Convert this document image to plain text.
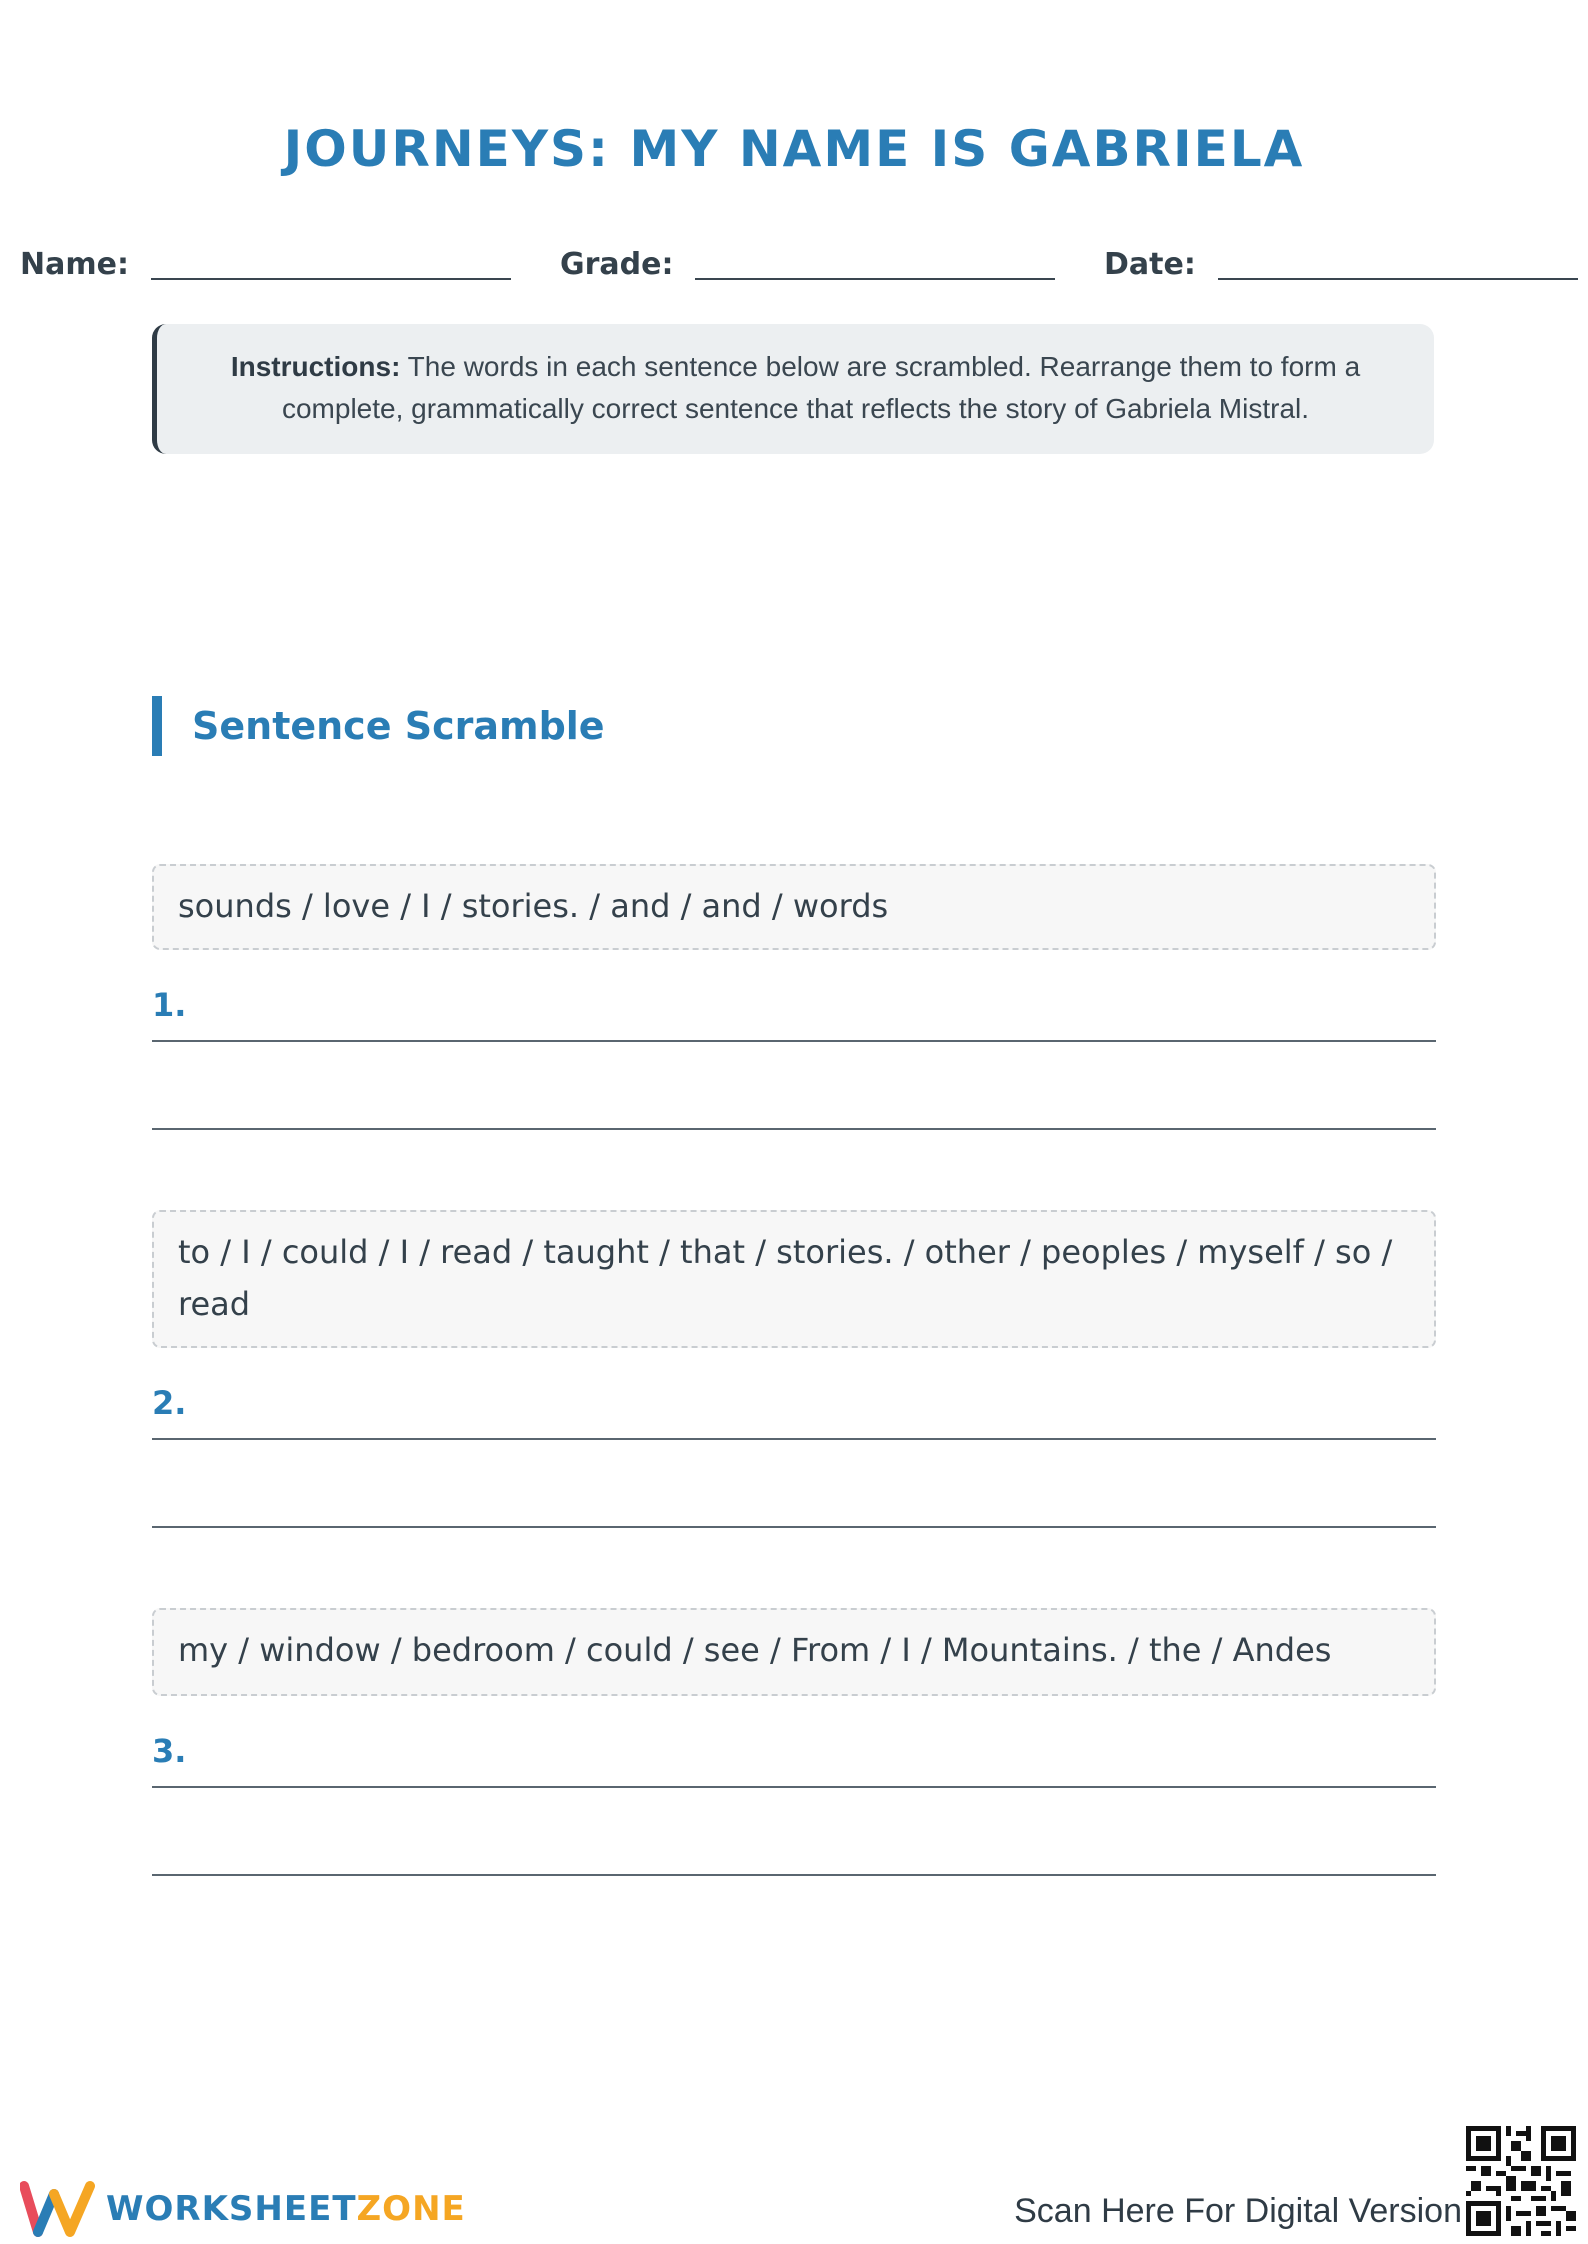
JOURNEYS: MY NAME IS GABRIELA
Name:	Grade:	Date:
Instructions: The words in each sentence below are scrambled. Rearrange them to form a complete, grammatically correct sentence that reflects the story of Gabriela Mistral.
Sentence Scramble
sounds / love / I / stories. / and / and / words
1.
to / I / could / I / read / taught / that / stories. / other / peoples / myself / so / read
2.
my / window / bedroom / could / see / From / I / Mountains. / the / Andes
3.
WORKSHEETZONE	Scan Here For Digital Version
